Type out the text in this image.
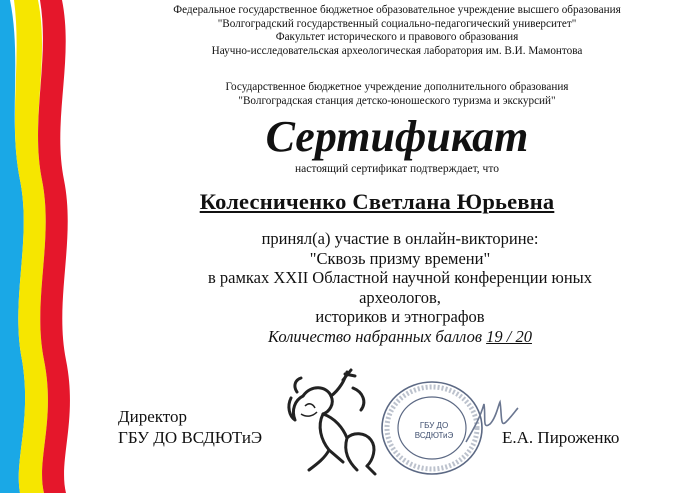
Федеральное государственное бюджетное образовательное учреждение высшего образования
"Волгоградский государственный социально-педагогический университет"
Факультет исторического и правового образования
Научно-исследовательская археологическая лаборатория им. В.И. Мамонтова
Государственное бюджетное учреждение дополнительного образования
"Волгоградская станция детско-юношеского туризма и экскурсий"
Сертификат
настоящий сертификат подтверждает, что
Колесниченко Светлана Юрьевна
принял(а) участие в онлайн-викторине:
"Сквозь призму времени"
в рамках XXII Областной научной конференции юных
археологов,
историков и этнографов
Количество набранных баллов 19 / 20
Директор
ГБУ ДО ВСДЮТиЭ
ГБУ ДО
ВСДЮТиЭ	Е.А. Пироженко
